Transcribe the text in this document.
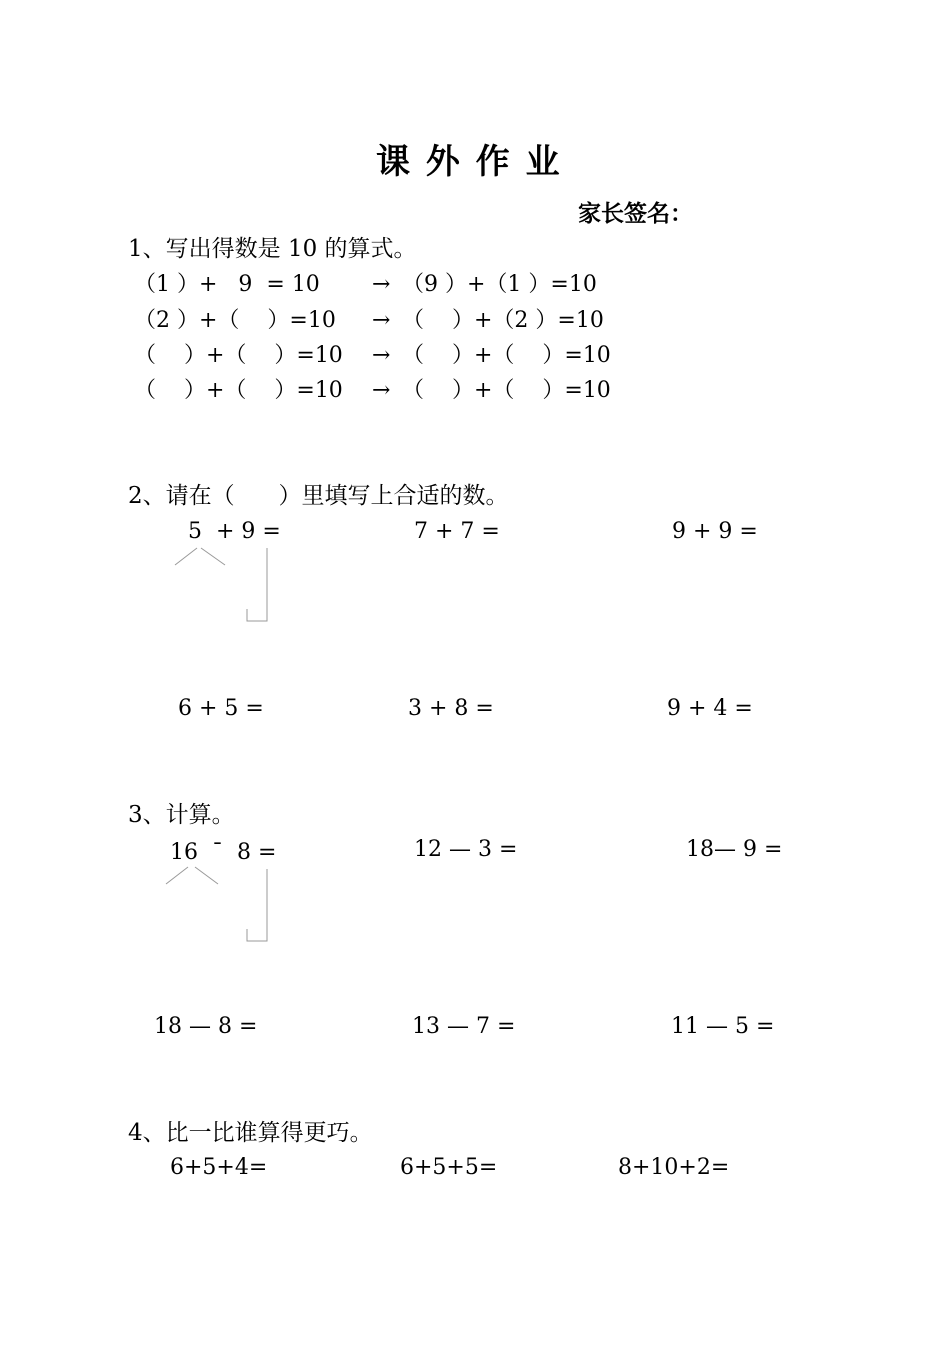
课 外 作 业
家长签名：
1、写出得数是 10 的算式。
（1 ）+   9  = 10 → （9 ）+（1 ）=10
（2 ）+（    ）=10 → （    ）+（2 ）=10
（    ）+（    ）=10 → （    ）+（    ）=10
（    ）+（    ）=10 → （    ）+（    ）=10
2、请在（      ）里填写上合适的数。
5  + 9 =	7 + 7 =	9 + 9 =
6 + 5 =	3 + 8 =	9 + 4 =
3、计算。
16  ˉ  8 =	12 — 3 =	18— 9 =
18 — 8 =	13 — 7 =	11 — 5 =
4、比一比谁算得更巧。
6+5+4=	6+5+5=	8+10+2=
